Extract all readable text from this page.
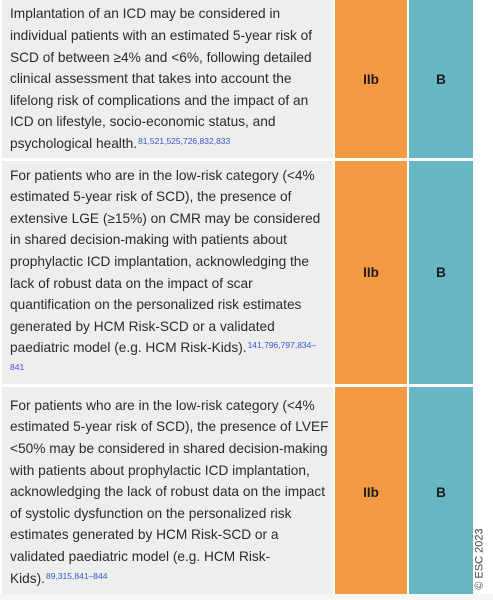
Implantation of an ICD may be considered in individual patients with an estimated 5-year risk of SCD of between ≥4% and <6%, following detailed clinical assessment that takes into account the lifelong risk of complications and the impact of an ICD on lifestyle, socio-economic status, and psychological health.$^{81,521,525,726,832,833}$	IIb	B
For patients who are in the low-risk category (<4% estimated 5-year risk of SCD), the presence of extensive LGE (≥15%) on CMR may be considered in shared decision-making with patients about prophylactic ICD implantation, acknowledging the lack of robust data on the impact of scar quantification on the personalized risk estimates generated by HCM Risk-SCD or a validated paediatric model (e.g. HCM Risk-Kids).$^{141,796,797,834-841}$	IIb	B
For patients who are in the low-risk category (<4% estimated 5-year risk of SCD), the presence of LVEF <50% may be considered in shared decision-making with patients about prophylactic ICD implantation, acknowledging the lack of robust data on the impact of systolic dysfunction on the personalized risk estimates generated by HCM Risk-SCD or a validated paediatric model (e.g. HCM Risk-Kids).$^{89,315,841-844}$	IIb	B
© ESC 2023
